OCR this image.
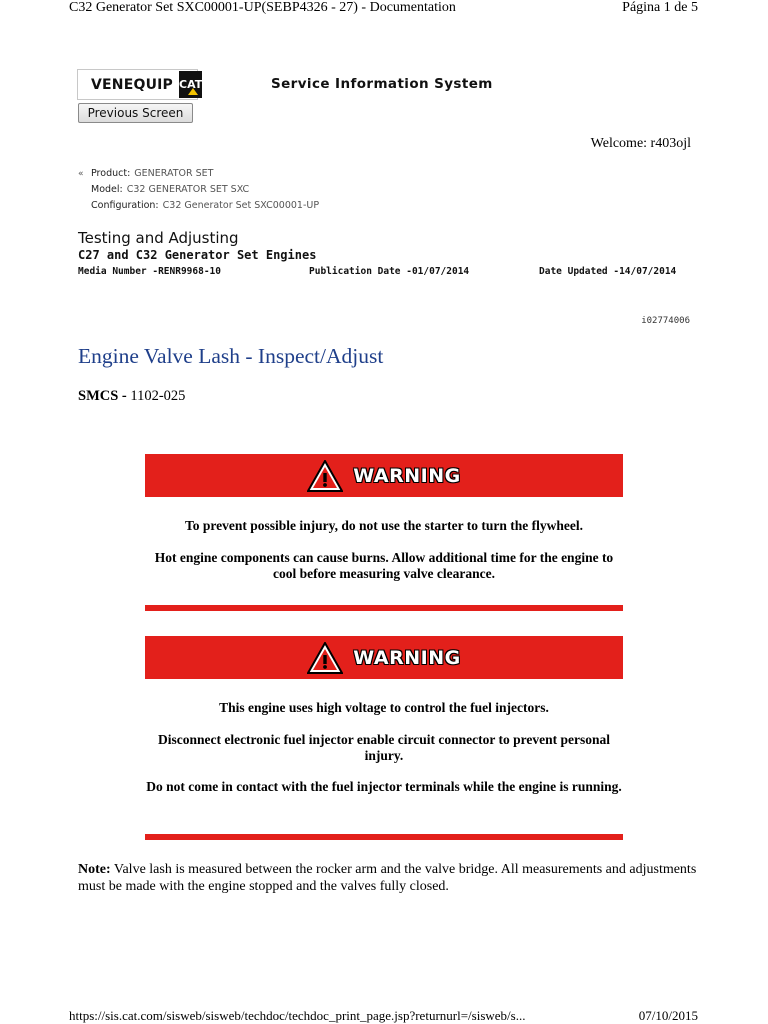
C32 Generator Set SXC00001-UP(SEBP4326 - 27) - Documentation	Página 1 de 5
VENEQUIP CAT	Service Information System
Previous Screen
Welcome: r403ojl
« Product: GENERATOR SET
Model: C32 GENERATOR SET SXC
Configuration: C32 Generator Set SXC00001-UP
Testing and Adjusting
C27 and C32 Generator Set Engines
Media Number -RENR9968-10	Publication Date -01/07/2014	Date Updated -14/07/2014
i02774006
Engine Valve Lash - Inspect/Adjust
SMCS - 1102-025
WARNING
To prevent possible injury, do not use the starter to turn the flywheel.
Hot engine components can cause burns. Allow additional time for the engine to cool before measuring valve clearance.
WARNING
This engine uses high voltage to control the fuel injectors.
Disconnect electronic fuel injector enable circuit connector to prevent personal injury.
Do not come in contact with the fuel injector terminals while the engine is running.
Note: Valve lash is measured between the rocker arm and the valve bridge. All measurements and adjustments must be made with the engine stopped and the valves fully closed.
https://sis.cat.com/sisweb/sisweb/techdoc/techdoc_print_page.jsp?returnurl=/sisweb/s...	07/10/2015
